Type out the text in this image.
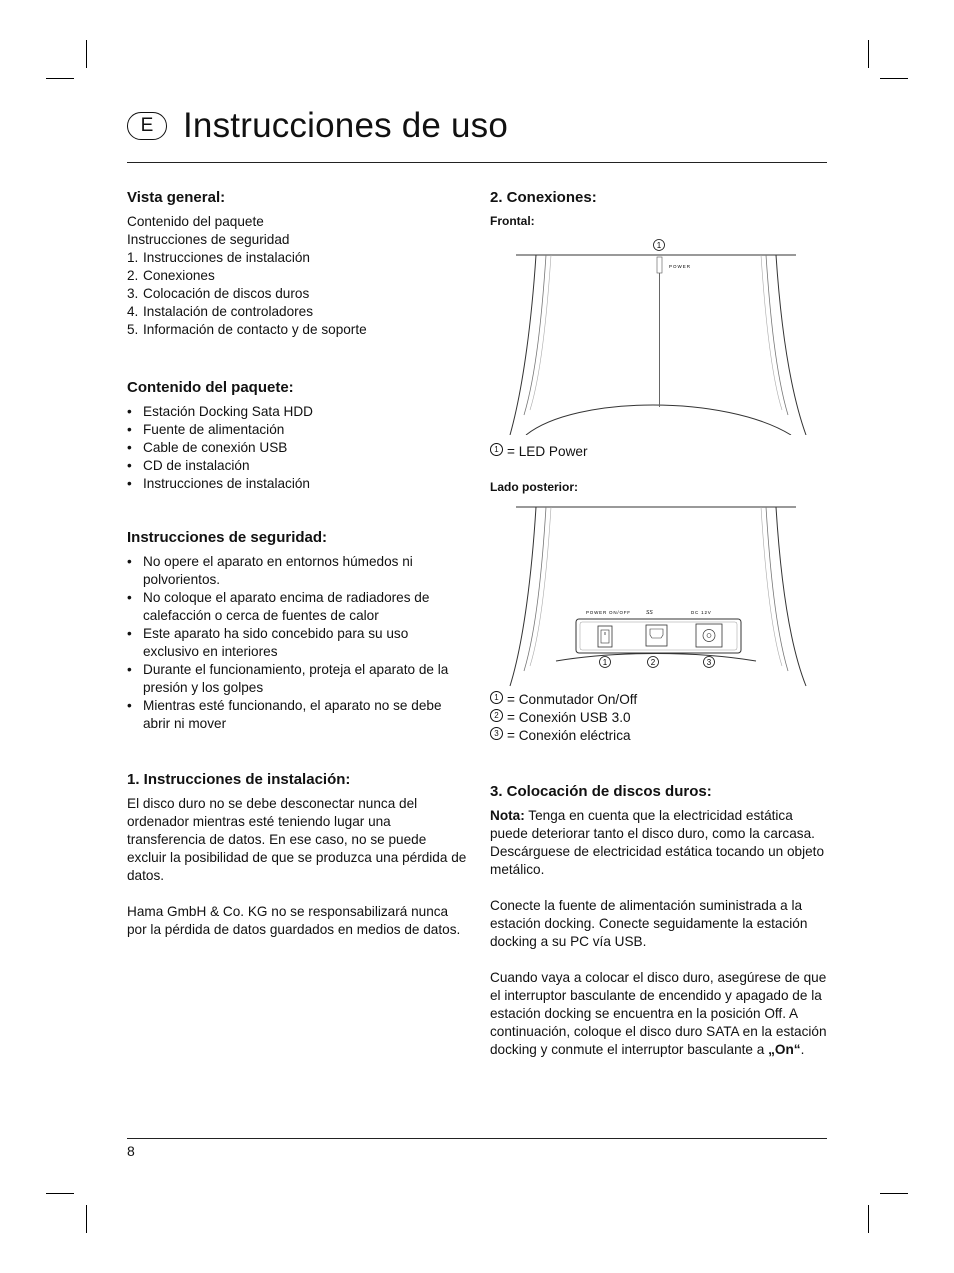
E Instrucciones de uso
Vista general:

Contenido del paquete

Instrucciones de seguridad

1. Instrucciones de instalación
2. Conexiones
3. Colocación de discos duros
4. Instalación de controladores
5. Información de contacto y de soporte
Contenido del paquete:
• Estación Docking Sata HDD
• Fuente de alimentación
• Cable de conexión USB
• CD de instalación
• Instrucciones de instalación
Instrucciones de seguridad:
• No opere el aparato en entornos húmedos ni polvorientos.
• No coloque el aparato encima de radiadores de calefacción o cerca de fuentes de calor
• Este aparato ha sido concebido para su uso exclusivo en interiores
• Durante el funcionamiento, proteja el aparato de la presión y los golpes
• Mientras esté funcionando, el aparato no se debe abrir ni mover
1. Instrucciones de instalación:

El disco duro no se debe desconectar nunca del ordenador mientras esté teniendo lugar una transferencia de datos. En ese caso, no se puede excluir la posibilidad de que se produzca una pérdida de datos.

Hama GmbH & Co. KG no se responsabilizará nunca por la pérdida de datos guardados en medios de datos.

2. Conexiones:
Frontal:
1
POWER
1 = LED Power
Lado posterior:
POWER ON/OFF	SS	DC 12V
1	2	3
1 = Conmutador On/Off
2 = Conexión USB 3.0
3 = Conexión eléctrica
3. Colocación de discos duros:

Nota: Tenga en cuenta que la electricidad estática puede deteriorar tanto el disco duro, como la carcasa. Descárguese de electricidad estática tocando un objeto metálico.

Conecte la fuente de alimentación suministrada a la estación docking. Conecte seguidamente la estación docking a su PC vía USB.

Cuando vaya a colocar el disco duro, asegúrese de que el interruptor basculante de encendido y apagado de la estación docking se encuentra en la posición Off. A continuación, coloque el disco duro SATA en la estación docking y conmute el interruptor basculante a „On“.

8
